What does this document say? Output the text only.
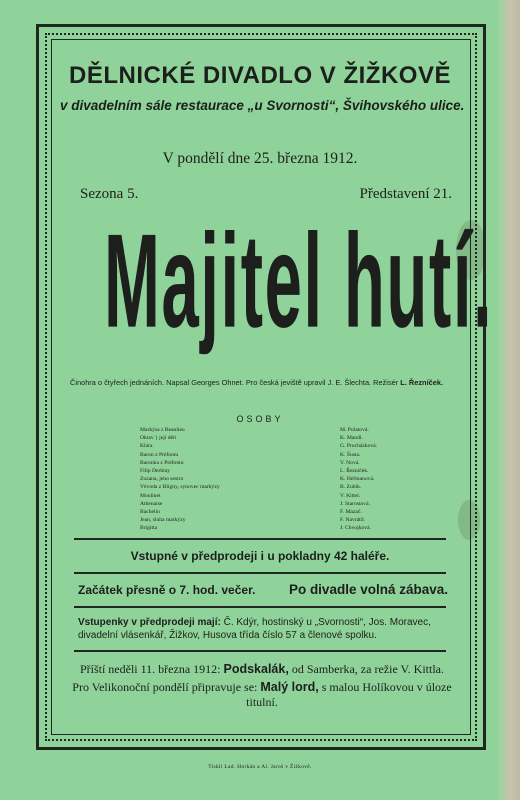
DĚLNICKÉ DIVADLO V ŽIŽKOVĚ
v divadelním sále restaurace „u Svornosti“, Švihovského ulice.
V pondělí dne 25. března 1912.
Sezona 5.	Představení 21.
Majitel hutí.
Činohra o čtyřech jednáních. Napsal Georges Ohnet. Pro česká jeviště upravil J. E. Šlechta. Režisér L. Řezníček.
OSOBY
Markýsa z Beaulieu	M. Polatová.
Oktav } její děti	K. Mandl.
Klára	G. Procházková.
Baron z Préfontu	K. Šusta.
Baronka z Préfontu	V. Nová.
Filip Derblay	L. Řezníček.
Zuzana, jeho sestra	K. Heřmanová.
Vévoda z Bligny, synovec markýzy	B. Zubík.
Moulinet	V. Kittel.
Athenaise	J. Starostová.
Bachelin	F. Mazač.
Jean, sluha markýzy	F. Navrátil.
Brigitta	J. Chvojková.
Vstupné v předprodeji i u pokladny 42 haléře.
Začátek přesně o 7. hod. večer. Po divadle volná zábava.
Vstupenky v předprodeji mají: Č. Kdýr, hostinský u „Svornosti“, Jos. Moravec, divadelní vlásenkář, Žižkov, Husova třída číslo 57 a členové spolku.
Příští neděli 11. března 1912: Podskalák, od Samberka, za režie V. Kittla.
Pro Velikonoční pondělí připravuje se: Malý lord, s malou Holíkovou v úloze titulní.
Tiskli Lad. Horkán a Al. Jaroš v Žižkově.
